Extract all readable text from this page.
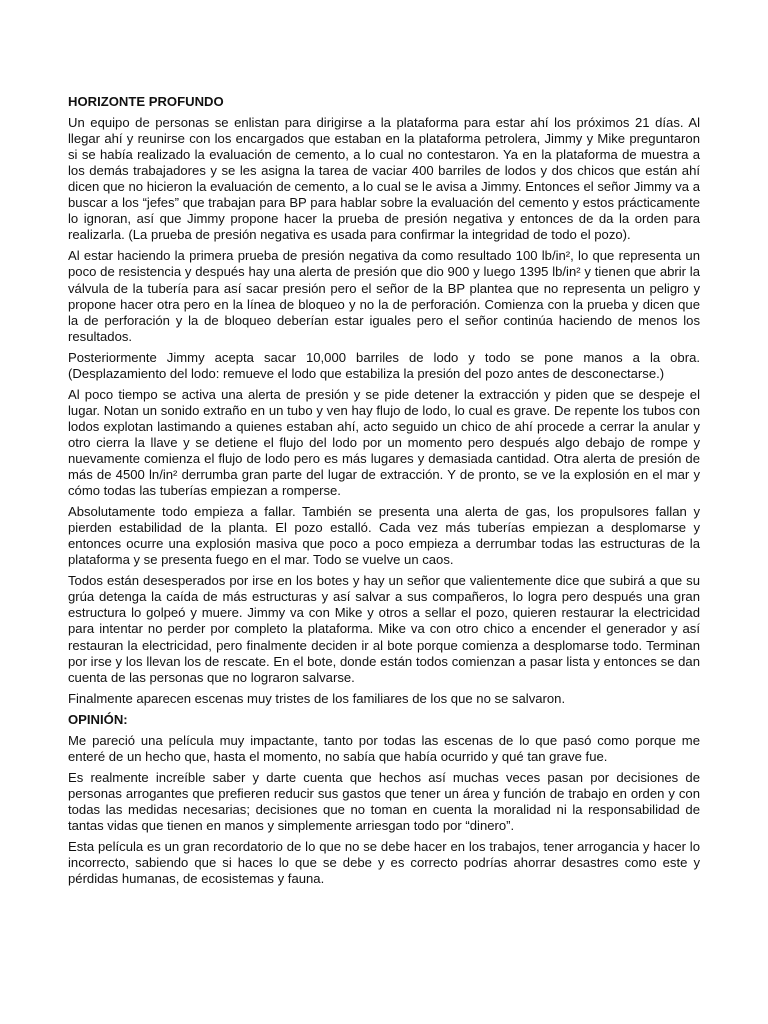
HORIZONTE PROFUNDO

Un equipo de personas se enlistan para dirigirse a la plataforma para estar ahí los próximos 21 días. Al llegar ahí y reunirse con los encargados que estaban en la plataforma petrolera, Jimmy y Mike preguntaron si se había realizado la evaluación de cemento, a lo cual no contestaron. Ya en la plataforma de muestra a los demás trabajadores y se les asigna la tarea de vaciar 400 barriles de lodos y dos chicos que están ahí dicen que no hicieron la evaluación de cemento, a lo cual se le avisa a Jimmy. Entonces el señor Jimmy va a buscar a los “jefes” que trabajan para BP para hablar sobre la evaluación del cemento y estos prácticamente lo ignoran, así que Jimmy propone hacer la prueba de presión negativa y entonces de da la orden para realizarla. (La prueba de presión negativa es usada para confirmar la integridad de todo el pozo).

Al estar haciendo la primera prueba de presión negativa da como resultado 100 lb/in², lo que representa un poco de resistencia y después hay una alerta de presión que dio 900 y luego 1395 lb/in² y tienen que abrir la válvula de la tubería para así sacar presión pero el señor de la BP plantea que no representa un peligro y propone hacer otra pero en la línea de bloqueo y no la de perforación. Comienza con la prueba y dicen que la de perforación y la de bloqueo deberían estar iguales pero el señor continúa haciendo de menos los resultados.

Posteriormente Jimmy acepta sacar 10,000 barriles de lodo y todo se pone manos a la obra. (Desplazamiento del lodo: remueve el lodo que estabiliza la presión del pozo antes de desconectarse.)

Al poco tiempo se activa una alerta de presión y se pide detener la extracción y piden que se despeje el lugar. Notan un sonido extraño en un tubo y ven hay flujo de lodo, lo cual es grave. De repente los tubos con lodos explotan lastimando a quienes estaban ahí, acto seguido un chico de ahí procede a cerrar la anular y otro cierra la llave y se detiene el flujo del lodo por un momento pero después algo debajo de rompe y nuevamente comienza el flujo de lodo pero es más lugares y demasiada cantidad. Otra alerta de presión de más de 4500 ln/in² derrumba gran parte del lugar de extracción. Y de pronto, se ve la explosión en el mar y cómo todas las tuberías empiezan a romperse.

Absolutamente todo empieza a fallar. También se presenta una alerta de gas, los propulsores fallan y pierden estabilidad de la planta. El pozo estalló. Cada vez más tuberías empiezan a desplomarse y entonces ocurre una explosión masiva que poco a poco empieza a derrumbar todas las estructuras de la plataforma y se presenta fuego en el mar. Todo se vuelve un caos.

Todos están desesperados por irse en los botes y hay un señor que valientemente dice que subirá a que su grúa detenga la caída de más estructuras y así salvar a sus compañeros, lo logra pero después una gran estructura lo golpeó y muere. Jimmy va con Mike y otros a sellar el pozo, quieren restaurar la electricidad para intentar no perder por completo la plataforma. Mike va con otro chico a encender el generador y así restauran la electricidad, pero finalmente deciden ir al bote porque comienza a desplomarse todo. Terminan por irse y los llevan los de rescate. En el bote, donde están todos comienzan a pasar lista y entonces se dan cuenta de las personas que no lograron salvarse.

Finalmente aparecen escenas muy tristes de los familiares de los que no se salvaron.

OPINIÓN:

Me pareció una película muy impactante, tanto por todas las escenas de lo que pasó como porque me enteré de un hecho que, hasta el momento, no sabía que había ocurrido y qué tan grave fue.

Es realmente increíble saber y darte cuenta que hechos así muchas veces pasan por decisiones de personas arrogantes que prefieren reducir sus gastos que tener un área y función de trabajo en orden y con todas las medidas necesarias; decisiones que no toman en cuenta la moralidad ni la responsabilidad de tantas vidas que tienen en manos y simplemente arriesgan todo por “dinero”.

Esta película es un gran recordatorio de lo que no se debe hacer en los trabajos, tener arrogancia y hacer lo incorrecto, sabiendo que si haces lo que se debe y es correcto podrías ahorrar desastres como este y pérdidas humanas, de ecosistemas y fauna.
